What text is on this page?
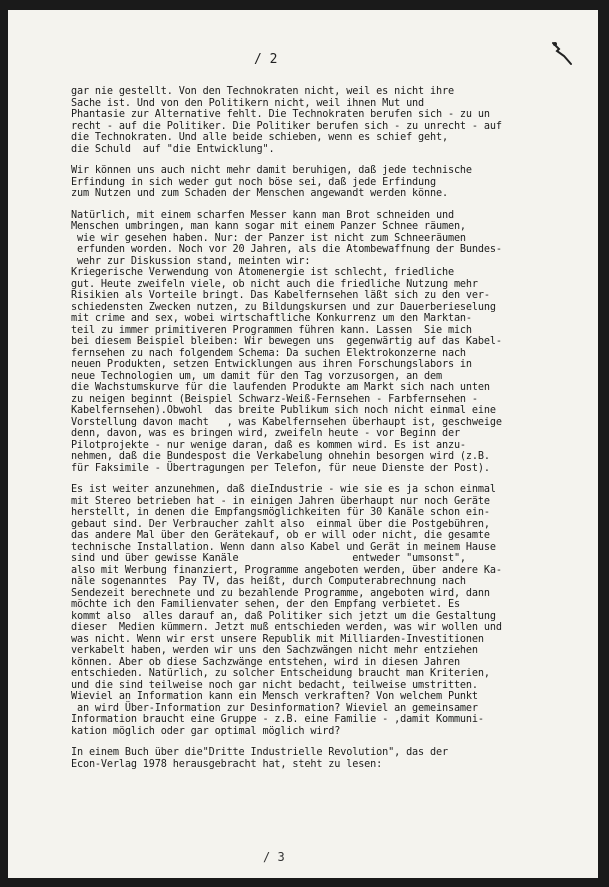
/ 2
gar nie gestellt. Von den Technokraten nicht, weil es nicht ihre
Sache ist. Und von den Politikern nicht, weil ihnen Mut und
Phantasie zur Alternative fehlt. Die Technokraten berufen sich - zu un
recht - auf die Politiker. Die Politiker berufen sich - zu unrecht - auf
die Technokraten. Und alle beide schieben, wenn es schief geht,
die Schuld  auf "die Entwicklung".
Wir können uns auch nicht mehr damit beruhigen, daß jede technische
Erfindung in sich weder gut noch böse sei, daß jede Erfindung
zum Nutzen und zum Schaden der Menschen angewandt werden könne.
Natürlich, mit einem scharfen Messer kann man Brot schneiden und
Menschen umbringen, man kann sogar mit einem Panzer Schnee räumen,
wie wir gesehen haben. Nur: der Panzer ist nicht zum Schneeräumen
erfunden worden. Noch vor 20 Jahren, als die Atombewaffnung der Bundes-
wehr zur Diskussion stand, meinten wir:
Kriegerische Verwendung von Atomenergie ist schlecht, friedliche
gut. Heute zweifeln viele, ob nicht auch die friedliche Nutzung mehr
Risikien als Vorteile bringt. Das Kabelfernsehen läßt sich zu den ver-
schiedensten Zwecken nutzen, zu Bildungskursen und zur Dauerberieselung
mit crime and sex, wobei wirtschaftliche Konkurrenz um den Marktan-
teil zu immer primitiveren Programmen führen kann. Lassen  Sie mich
bei diesem Beispiel bleiben: Wir bewegen uns  gegenwärtig auf das Kabel-
fernsehen zu nach folgendem Schema: Da suchen Elektrokonzerne nach
neuen Produkten, setzen Entwicklungen aus ihren Forschungslabors in
neue Technologien um, um damit für den Tag vorzusorgen, an dem
die Wachstumskurve für die laufenden Produkte am Markt sich nach unten
zu neigen beginnt (Beispiel Schwarz-Weiß-Fernsehen - Farbfernsehen -
Kabelfernsehen).Obwohl  das breite Publikum sich noch nicht einmal eine
Vorstellung davon macht   , was Kabelfernsehen überhaupt ist, geschweige
denn, davon, was es bringen wird, zweifeln heute - vor Beginn der
Pilotprojekte - nur wenige daran, daß es kommen wird. Es ist anzu-
nehmen, daß die Bundespost die Verkabelung ohnehin besorgen wird (z.B.
für Faksimile - Übertragungen per Telefon, für neue Dienste der Post).
Es ist weiter anzunehmen, daß dieIndustrie - wie sie es ja schon einmal
mit Stereo betrieben hat - in einigen Jahren überhaupt nur noch Geräte
herstellt, in denen die Empfangsmöglichkeiten für 30 Kanäle schon ein-
gebaut sind. Der Verbraucher zahlt also  einmal über die Postgebühren,
das andere Mal über den Gerätekauf, ob er will oder nicht, die gesamte
technische Installation. Wenn dann also Kabel und Gerät in meinem Hause
sind und über gewisse Kanäle                   entweder "umsonst",
also mit Werbung finanziert, Programme angeboten werden, über andere Ka-
näle sogenanntes  Pay TV, das heißt, durch Computerabrechnung nach
Sendezeit berechnete und zu bezahlende Programme, angeboten wird, dann
möchte ich den Familienvater sehen, der den Empfang verbietet. Es
kommt also  alles darauf an, daß Politiker sich jetzt um die Gestaltung
dieser  Medien kümmern. Jetzt muß entschieden werden, was wir wollen und
was nicht. Wenn wir erst unsere Republik mit Milliarden-Investitionen
verkabelt haben, werden wir uns den Sachzwängen nicht mehr entziehen
können. Aber ob diese Sachzwänge entstehen, wird in diesen Jahren
entschieden. Natürlich, zu solcher Entscheidung braucht man Kriterien,
und die sind teilweise noch gar nicht bedacht, teilweise umstritten.
Wieviel an Information kann ein Mensch verkraften? Von welchem Punkt
an wird Über-Information zur Desinformation? Wieviel an gemeinsamer
Information braucht eine Gruppe - z.B. eine Familie - ,damit Kommuni-
kation möglich oder gar optimal möglich wird?
In einem Buch über die"Dritte Industrielle Revolution", das der
Econ-Verlag 1978 herausgebracht hat, steht zu lesen:
/ 3
